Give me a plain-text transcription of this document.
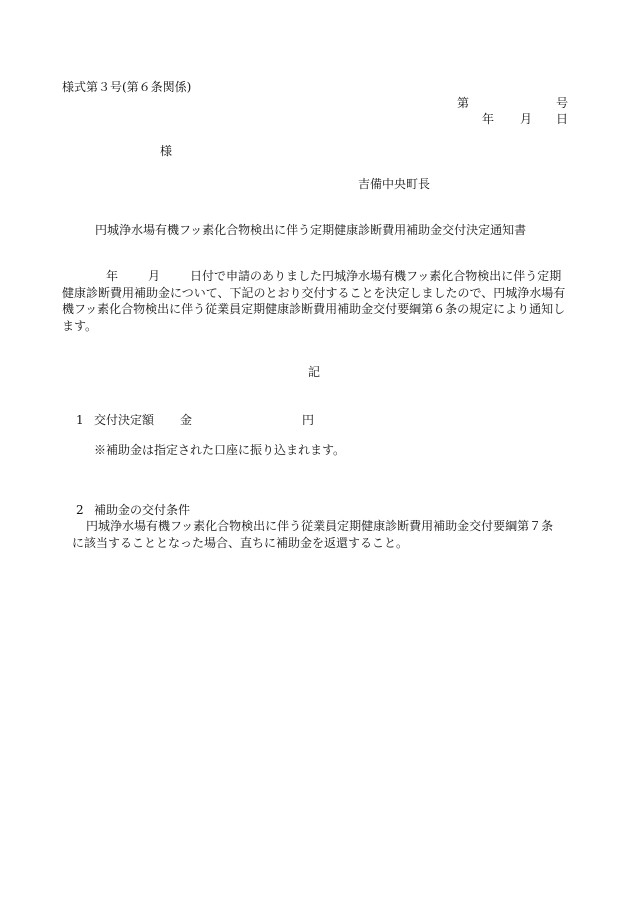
様式第３号(第６条関係)
第	号
年 月 日
様
吉備中央町長
円城浄水場有機フッ素化合物検出に伴う定期健康診断費用補助金交付決定通知書
年	月	日付で申請のありました円城浄水場有機フッ素化合物検出に伴う定期健康診断費用補助金について、下記のとおり交付することを決定しましたので、円城浄水場有機フッ素化合物検出に伴う従業員定期健康診断費用補助金交付要綱第６条の規定により通知します。
記
1 交付決定額 金	円
※補助金は指定された口座に振り込まれます。
2 補助金の交付条件
円城浄水場有機フッ素化合物検出に伴う従業員定期健康診断費用補助金交付要綱第７条
に該当することとなった場合、直ちに補助金を返還すること。
